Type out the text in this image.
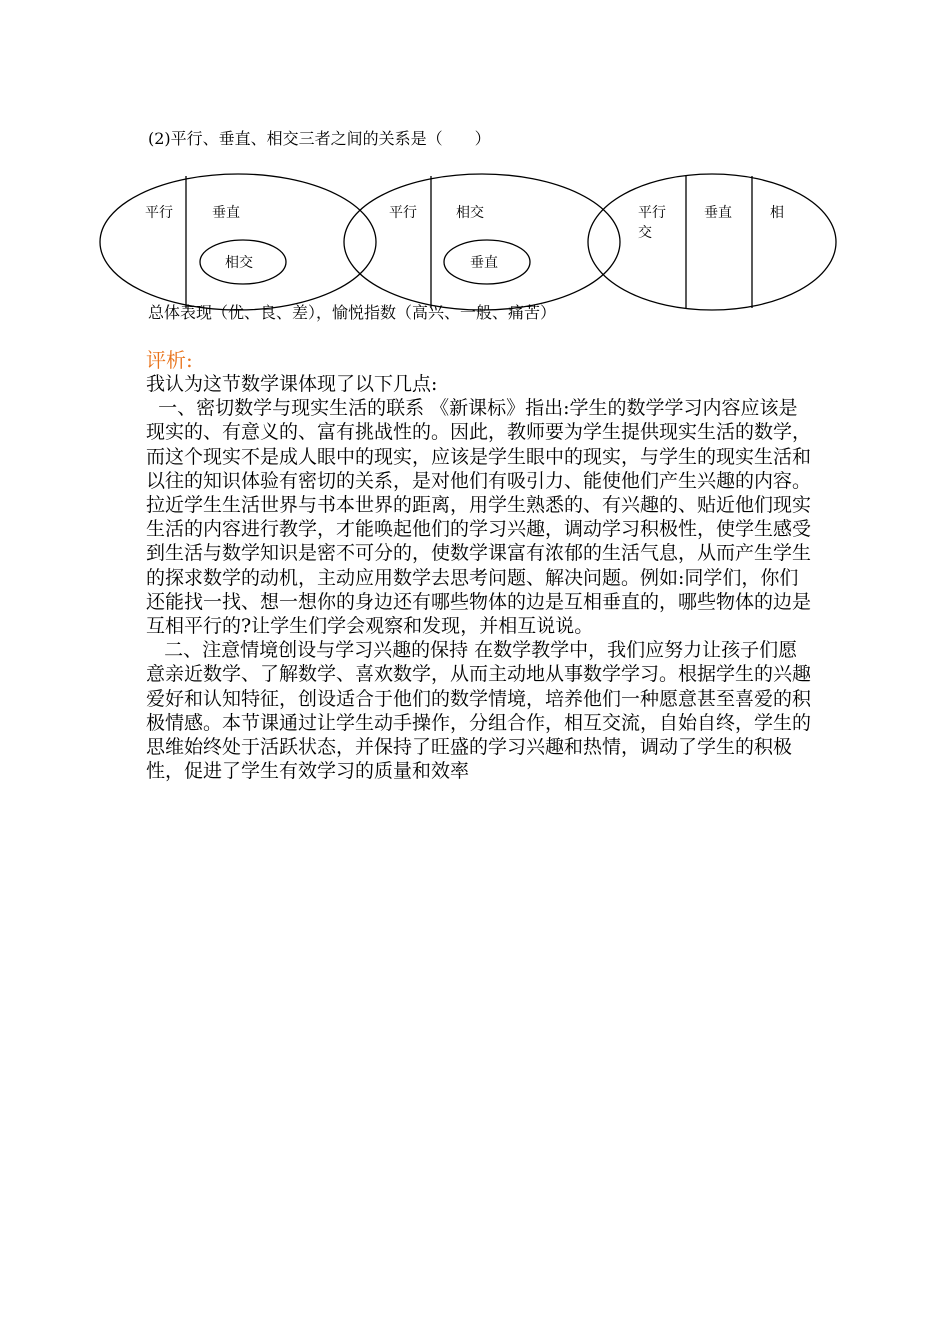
(2)平行、垂直、相交三者之间的关系是（　　）
总体表现（优、良、差），愉悦指数（高兴、一般、痛苦）
平行	垂直
相交
平行	相交
垂直
平行
交
垂直	相
评析:

我认为这节数学课体现了以下几点:

一、密切数学与现实生活的联系 《新课标》指出:学生的数学学习内容应该是现实的、有意义的、富有挑战性的。因此，教师要为学生提供现实生活的数学，而这个现实不是成人眼中的现实，应该是学生眼中的现实，与学生的现实生活和以往的知识体验有密切的关系，是对他们有吸引力、能使他们产生兴趣的内容。拉近学生生活世界与书本世界的距离，用学生熟悉的、有兴趣的、贴近他们现实生活的内容进行教学，才能唤起他们的学习兴趣，调动学习积极性，使学生感受到生活与数学知识是密不可分的，使数学课富有浓郁的生活气息，从而产生学生的探求数学的动机，主动应用数学去思考问题、解决问题。例如:同学们，你们还能找一找、想一想你的身边还有哪些物体的边是互相垂直的，哪些物体的边是互相平行的?让学生们学会观察和发现，并相互说说。

二、注意情境创设与学习兴趣的保持 在数学教学中，我们应努力让孩子们愿意亲近数学、了解数学、喜欢数学，从而主动地从事数学学习。根据学生的兴趣爱好和认知特征，创设适合于他们的数学情境，培养他们一种愿意甚至喜爱的积极情感。本节课通过让学生动手操作，分组合作，相互交流，自始自终，学生的思维始终处于活跃状态，并保持了旺盛的学习兴趣和热情，调动了学生的积极性，促进了学生有效学习的质量和效率
